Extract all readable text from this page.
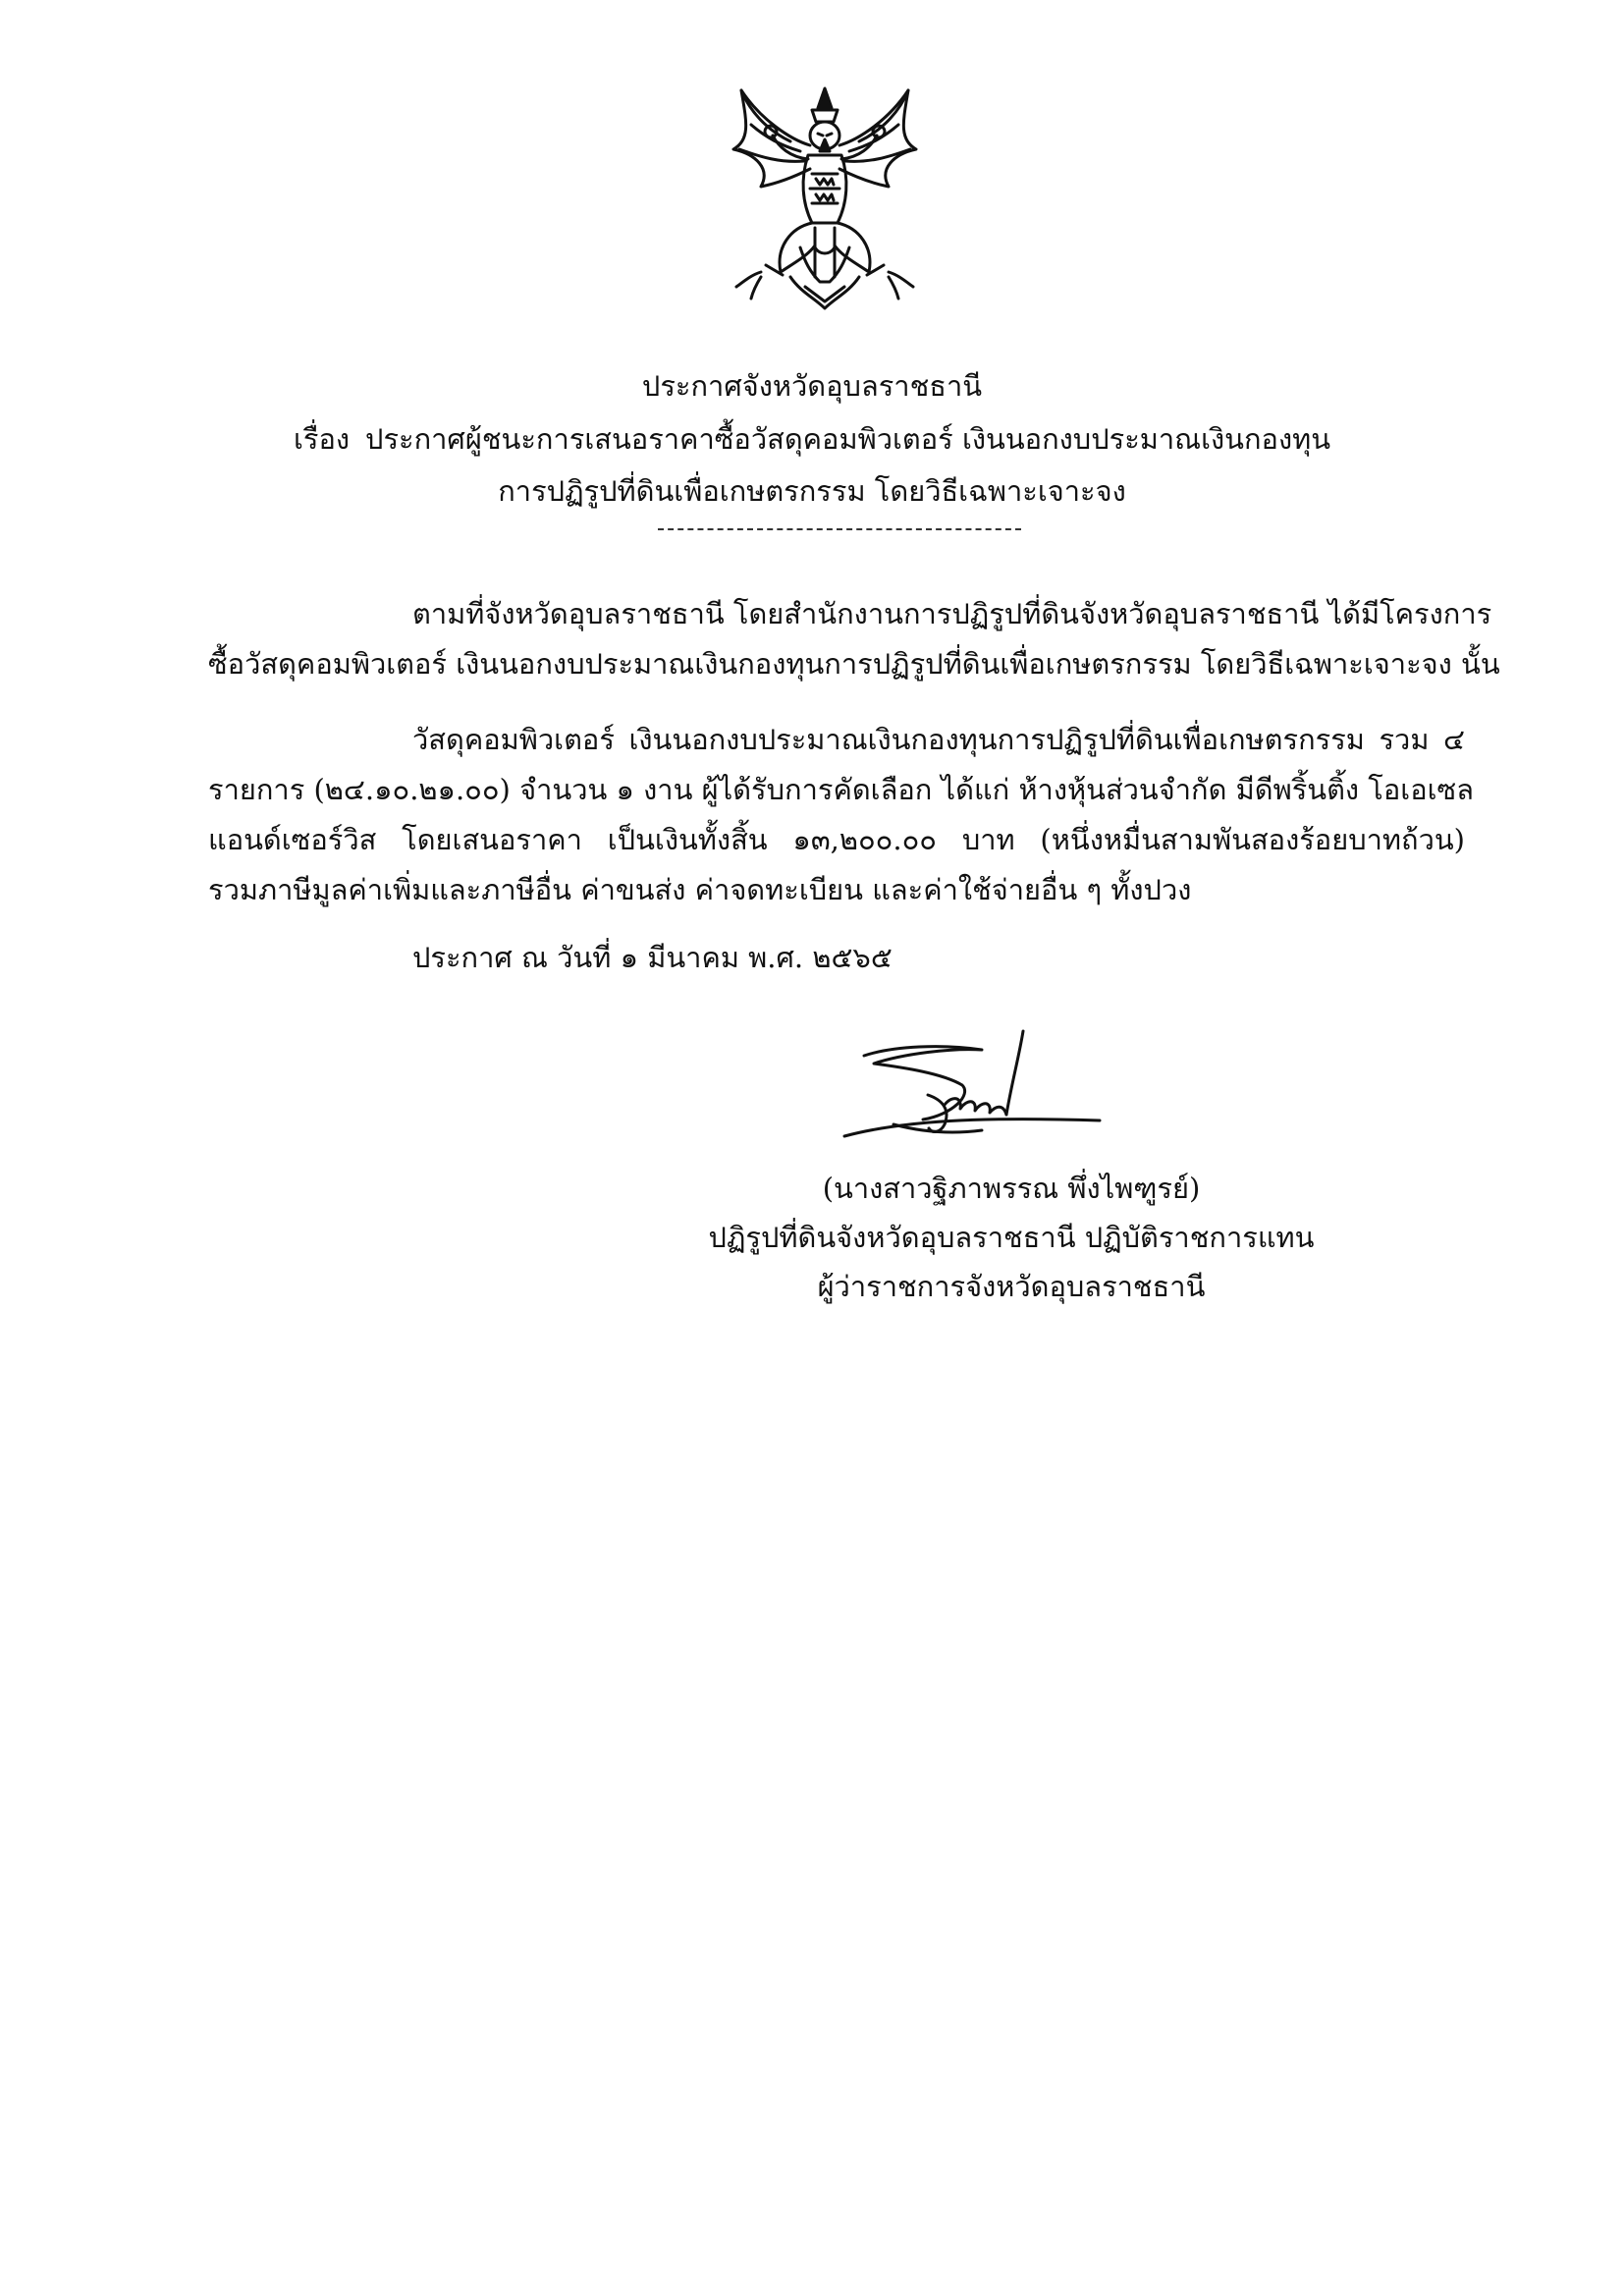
ประกาศจังหวัดอุบลราชธานี
เรื่อง ประกาศผู้ชนะการเสนอราคาซื้อวัสดุคอมพิวเตอร์ เงินนอกงบประมาณเงินกองทุน
การปฏิรูปที่ดินเพื่อเกษตรกรรม โดยวิธีเฉพาะเจาะจง
ตามที่จังหวัดอุบลราชธานี โดยสำนักงานการปฏิรูปที่ดินจังหวัดอุบลราชธานี ได้มีโครงการ
ซื้อวัสดุคอมพิวเตอร์ เงินนอกงบประมาณเงินกองทุนการปฏิรูปที่ดินเพื่อเกษตรกรรม โดยวิธีเฉพาะเจาะจง นั้น
วัสดุคอมพิวเตอร์ เงินนอกงบประมาณเงินกองทุนการปฏิรูปที่ดินเพื่อเกษตรกรรม รวม ๔
รายการ (๒๔.๑๐.๒๑.๐๐) จำนวน ๑ งาน ผู้ได้รับการคัดเลือก ได้แก่ ห้างหุ้นส่วนจำกัด มีดีพริ้นติ้ง โอเอเซล
แอนด์เซอร์วิส โดยเสนอราคา เป็นเงินทั้งสิ้น ๑๓,๒๐๐.๐๐ บาท (หนึ่งหมื่นสามพันสองร้อยบาทถ้วน)
รวมภาษีมูลค่าเพิ่มและภาษีอื่น ค่าขนส่ง ค่าจดทะเบียน และค่าใช้จ่ายอื่น ๆ ทั้งปวง
ประกาศ ณ วันที่ ๑ มีนาคม พ.ศ. ๒๕๖๕
(นางสาวฐิภาพรรณ พึ่งไพฑูรย์)
ปฏิรูปที่ดินจังหวัดอุบลราชธานี ปฏิบัติราชการแทน
ผู้ว่าราชการจังหวัดอุบลราชธานี
